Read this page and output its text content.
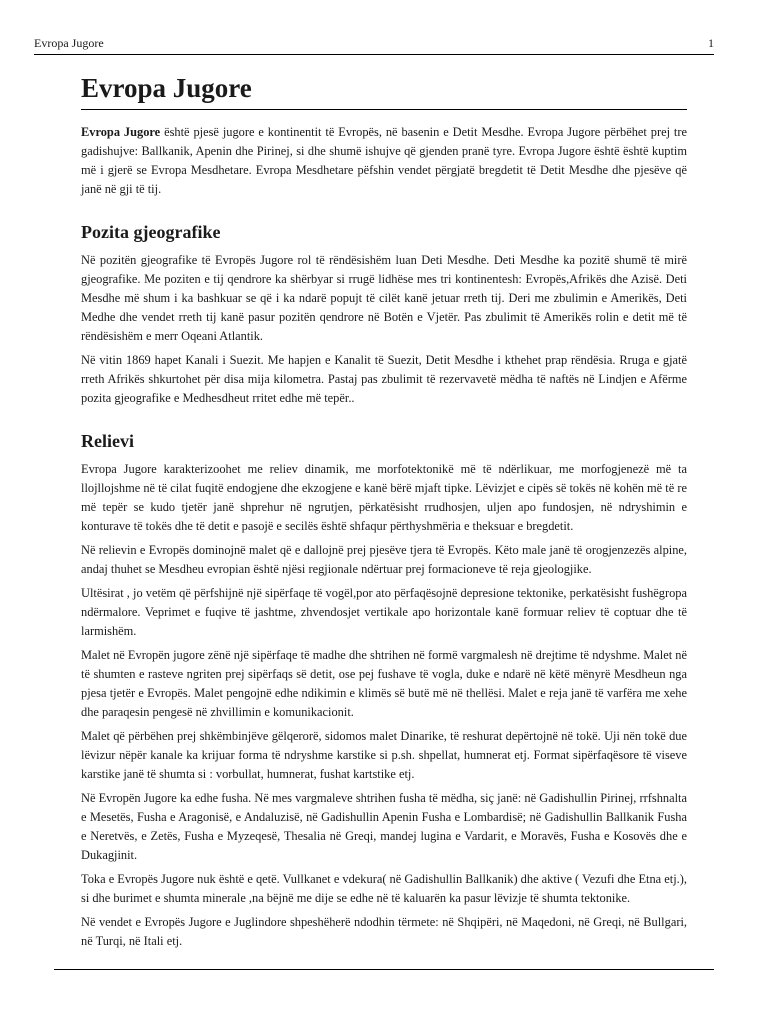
Evropa Jugore	1
Evropa Jugore

Evropa Jugore është pjesë jugore e kontinentit të Evropës, në basenin e Detit Mesdhe. Evropa Jugore përbëhet prej tre gadishujve: Ballkanik, Apenin dhe Pirinej, si dhe shumë ishujve që gjenden pranë tyre. Evropa Jugore është është kuptim më i gjerë se Evropa Mesdhetare. Evropa Mesdhetare pëfshin vendet përgjatë bregdetit të Detit Mesdhe dhe pjesëve që janë në gji të tij.

Pozita gjeografike

Në pozitën gjeografike të Evropës Jugore rol të rëndësishëm luan Deti Mesdhe. Deti Mesdhe ka pozitë shumë të mirë gjeografike. Me poziten e tij qendrore ka shërbyar si rrugë lidhëse mes tri kontinentesh: Evropës,Afrikës dhe Azisë. Deti Mesdhe më shum i ka bashkuar se që i ka ndarë popujt të cilët kanë jetuar rreth tij. Deri me zbulimin e Amerikës, Deti Medhe dhe vendet rreth tij kanë pasur pozitën qendrore në Botën e Vjetër. Pas zbulimit të Amerikës rolin e detit më të rëndësishëm e merr Oqeani Atlantik.

Në vitin 1869 hapet Kanali i Suezit. Me hapjen e Kanalit të Suezit, Detit Mesdhe i kthehet prap rëndësia. Rruga e gjatë rreth Afrikës shkurtohet për disa mija kilometra. Pastaj pas zbulimit të rezervavetë mëdha të naftës në Lindjen e Afërme pozita gjeografike e Medhesdheut rritet edhe më tepër..

Relievi

Evropa Jugore karakterizoohet me reliev dinamik, me morfotektonikë më të ndërlikuar, me morfogjenezë më ta llojllojshme në të cilat fuqitë endogjene dhe ekzogjene e kanë bërë mjaft tipke. Lëvizjet e cipës së tokës në kohën më të re më tepër se kudo tjetër janë shprehur në ngrutjen, përkatësisht rrudhosjen, uljen apo fundosjen, në ndryshimin e konturave të tokës dhe të detit e pasojë e secilës është shfaqur përthyshmëria e theksuar e bregdetit.

Në relievin e Evropës dominojnë malet që e dallojnë prej pjesëve tjera të Evropës. Këto male janë të orogjenzezës alpine, andaj thuhet se Mesdheu evropian është njësi regjionale ndërtuar prej formacioneve të reja gjeologjike.

Ultësirat , jo vetëm që përfshijnë një sipërfaqe të vogël,por ato përfaqësojnë depresione tektonike, perkatësisht fushëgropa ndërmalore. Veprimet e fuqive të jashtme, zhvendosjet vertikale apo horizontale kanë formuar reliev të coptuar dhe të larmishëm.

Malet në Evropën jugore zënë një sipërfaqe të madhe dhe shtrihen në formë vargmalesh në drejtime të ndyshme. Malet në të shumten e rasteve ngriten prej sipërfaqs së detit, ose pej fushave të vogla, duke e ndarë në këtë mënyrë Mesdheun nga pjesa tjetër e Evropës. Malet pengojnë edhe ndikimin e klimës së butë më në thellësi. Malet e reja janë të varfëra me xehe dhe paraqesin pengesë në zhvillimin e komunikacionit.

Malet që përbëhen prej shkëmbinjëve gëlqerorë, sidomos malet Dinarike, të reshurat depërtojnë në tokë. Uji nën tokë due lëvizur nëpër kanale ka krijuar forma të ndryshme karstike si p.sh. shpellat, humnerat etj. Format sipërfaqësore të viseve karstike janë të shumta si : vorbullat, humnerat, fushat kartstike etj.

Në Evropën Jugore ka edhe fusha. Në mes vargmaleve shtrihen fusha të mëdha, siç janë: në Gadishullin Pirinej, rrfshnalta e Mesetës, Fusha e Aragonisë, e Andaluzisë, në Gadishullin Apenin Fusha e Lombardisë; në Gadishullin Ballkanik Fusha e Neretvës, e Zetës, Fusha e Myzeqesë, Thesalia në Greqi, mandej lugina e Vardarit, e Moravës, Fusha e Kosovës dhe e Dukagjinit.

Toka e Evropës Jugore nuk është e qetë. Vullkanet e vdekura( në Gadishullin Ballkanik) dhe aktive ( Vezufi dhe Etna etj.), si dhe burimet e shumta minerale ,na bëjnë me dije se edhe në të kaluarën ka pasur lëvizje të shumta tektonike.

Në vendet e Evropës Jugore e Juglindore shpeshëherë ndodhin tërmete: në Shqipëri, në Maqedoni, në Greqi, në Bullgari, në Turqi, në Itali etj.
